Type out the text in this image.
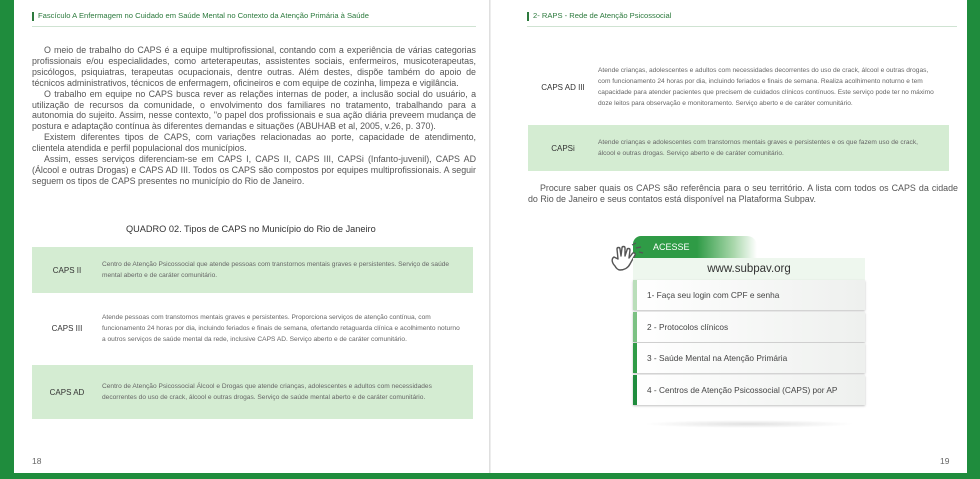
Fascículo A Enfermagem no Cuidado em Saúde Mental no Contexto da Atenção Primária à Saúde

O meio de trabalho do CAPS é a equipe multiprofissional, contando com a experiência de várias categorias profissionais e/ou especialidades, como arteterapeutas, assistentes sociais, enfermeiros, musicoterapeutas, psicólogos, psiquiatras, terapeutas ocupacionais, dentre outras. Além destes, dispõe também do apoio de técnicos administrativos, técnicos de enfermagem, oficineiros e com equipe de cozinha, limpeza e vigilância.

O trabalho em equipe no CAPS busca rever as relações internas de poder, a inclusão social do usuário, a utilização de recursos da comunidade, o envolvimento dos familiares no tratamento, trabalhando para a autonomia do sujeito. Assim, nesse contexto, "o papel dos profissionais e sua ação diária preveem mudança de postura e adaptação contínua às diferentes demandas e situações (ABUHAB et al, 2005, v.26, p. 370).

Existem diferentes tipos de CAPS, com variações relacionadas ao porte, capacidade de atendimento, clientela atendida e perfil populacional dos municípios.

Assim, esses serviços diferenciam-se em CAPS I, CAPS II, CAPS III, CAPSi (Infanto-juvenil), CAPS AD (Álcool e outras Drogas) e CAPS AD III. Todos os CAPS são compostos por equipes multiprofissionais. A seguir seguem os tipos de CAPS presentes no município do Rio de Janeiro.

QUADRO 02. Tipos de CAPS no Município do Rio de Janeiro
CAPS II
Centro de Atenção Psicossocial que atende pessoas com transtornos mentais graves e persistentes. Serviço de saúde mental aberto e de caráter comunitário.
CAPS III
Atende pessoas com transtornos mentais graves e persistentes. Proporciona serviços de atenção contínua, com funcionamento 24 horas por dia, incluindo feriados e finais de semana, ofertando retaguarda clínica e acolhimento noturno a outros serviços de saúde mental da rede, inclusive CAPS AD. Serviço aberto e de caráter comunitário.
CAPS AD
Centro de Atenção Psicossocial Álcool e Drogas que atende crianças, adolescentes e adultos com necessidades decorrentes do uso de crack, álcool e outras drogas. Serviço de saúde mental aberto e de caráter comunitário.
18
2- RAPS - Rede de Atenção Psicossocial
CAPS AD III
Atende crianças, adolescentes e adultos com necessidades decorrentes do uso de crack, álcool e outras drogas, com funcionamento 24 horas por dia, incluindo feriados e finais de semana. Realiza acolhimento noturno e tem capacidade para atender pacientes que precisem de cuidados clínicos contínuos. Este serviço pode ter no máximo doze leitos para observação e monitoramento. Serviço aberto e de caráter comunitário.
CAPSi
Atende crianças e adolescentes com transtornos mentais graves e persistentes e os que fazem uso de crack, álcool e outras drogas. Serviço aberto e de caráter comunitário.

Procure saber quais os CAPS são referência para o seu território. A lista com todos os CAPS da cidade do Rio de Janeiro e seus contatos está disponível na Plataforma Subpav.

ACESSE
www.subpav.org
1- Faça seu login com CPF e senha
2 - Protocolos clínicos
3 - Saúde Mental na Atenção Primária
4 - Centros de Atenção Psicossocial (CAPS) por AP
19
